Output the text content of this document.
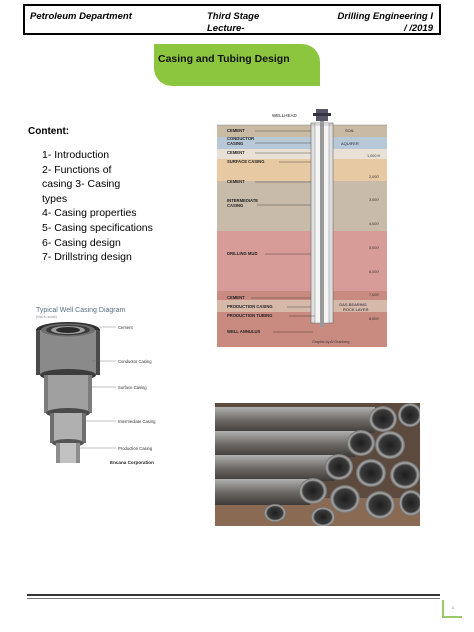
Petroleum Department	Third Stage
Lecture-
Drilling Engineering I
/ /2019
Casing and Tubing Design
Content:
1- Introduction
2- Functions of
casing 3- Casing
types
4- Casing properties
5- Casing specifications
6- Casing design
7- Drillstring design
WELLHEAD
CEMENT
CONDUCTOR
CASING
CEMENT
SURFACE CASING
CEMENT
INTERMEDIATE
CASING
DRILLING MUD
CEMENT
PRODUCTION CASING
PRODUCTION TUBING
WELL ANNULUS
SOIL
AQUIFER
GAS-BEARING
ROCK LAYER
1,000 ft
2,000'
3,000'
4,000'
5,000'
6,000'
7,000'
8,000'
Graphic by Al Granberg
Typical Well Casing Diagram
(Not to scale)
Cement
Conductor Casing
Surface Casing
Intermediate Casing
Production Casing
Encana Corporation
1
